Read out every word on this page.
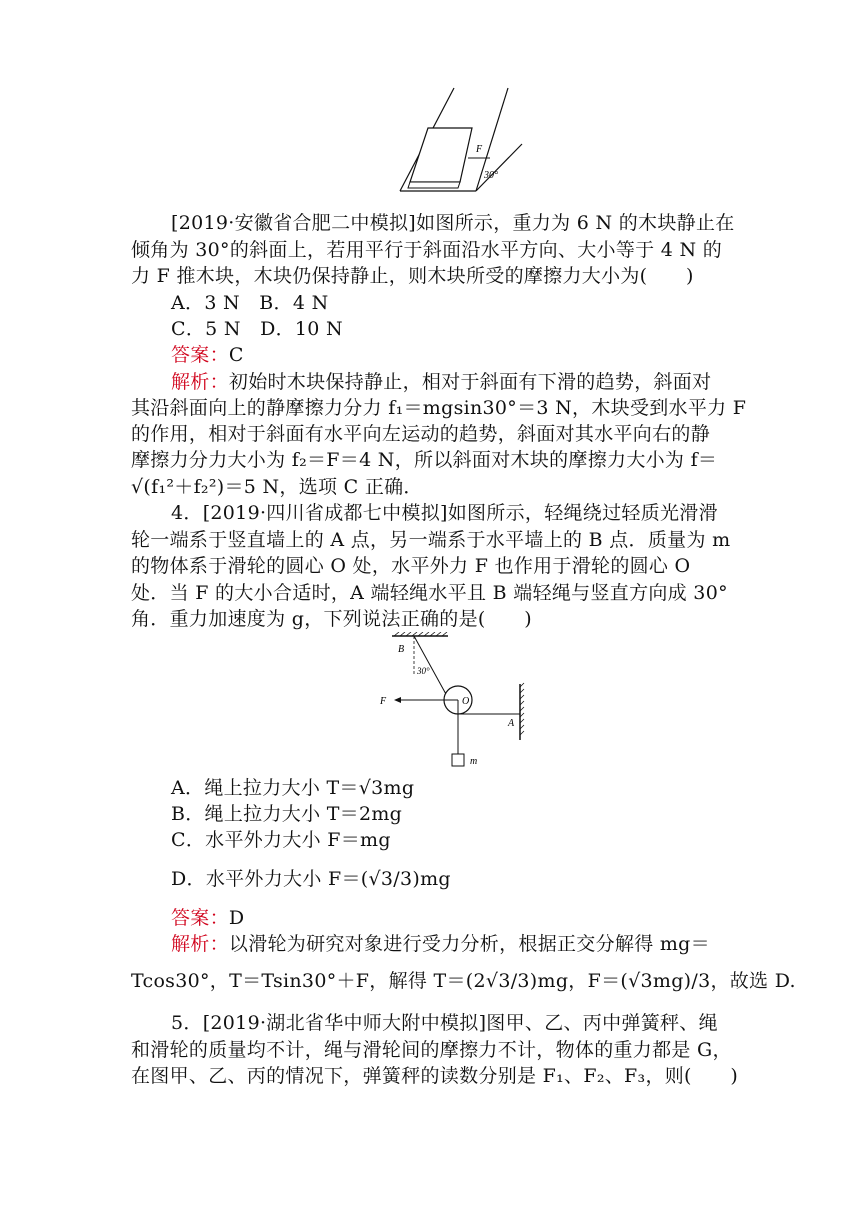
F
30°
[2019·安徽省合肥二中模拟]如图所示，重力为 6 N 的木块静止在
倾角为 30°的斜面上，若用平行于斜面沿水平方向、大小等于 4 N 的
力 F 推木块，木块仍保持静止，则木块所受的摩擦力大小为(　　)
A．3 N　B．4 N
C．5 N　D．10 N
答案：C
解析：初始时木块保持静止，相对于斜面有下滑的趋势，斜面对
其沿斜面向上的静摩擦力分力 f₁＝mgsin30°＝3 N，木块受到水平力 F
的作用，相对于斜面有水平向左运动的趋势，斜面对其水平向右的静
摩擦力分力大小为 f₂＝F＝4 N，所以斜面对木块的摩擦力大小为 f＝
√(f₁²＋f₂²)＝5 N，选项 C 正确．
4．[2019·四川省成都七中模拟]如图所示，轻绳绕过轻质光滑滑
轮一端系于竖直墙上的 A 点，另一端系于水平墙上的 B 点．质量为 m
的物体系于滑轮的圆心 O 处，水平外力 F 也作用于滑轮的圆心 O
处．当 F 的大小合适时，A 端轻绳水平且 B 端轻绳与竖直方向成 30°
角．重力加速度为 g，下列说法正确的是(　　)
B
30°
F	O
A
m
A．绳上拉力大小 T＝√3mg
B．绳上拉力大小 T＝2mg
C．水平外力大小 F＝mg
D．水平外力大小 F＝(√3/3)mg
答案：D
解析：以滑轮为研究对象进行受力分析，根据正交分解得 mg＝
Tcos30°，T＝Tsin30°＋F，解得 T＝(2√3/3)mg，F＝(√3mg)/3，故选 D.
5．[2019·湖北省华中师大附中模拟]图甲、乙、丙中弹簧秤、绳
和滑轮的质量均不计，绳与滑轮间的摩擦力不计，物体的重力都是 G，
在图甲、乙、丙的情况下，弹簧秤的读数分别是 F₁、F₂、F₃，则(　　)
